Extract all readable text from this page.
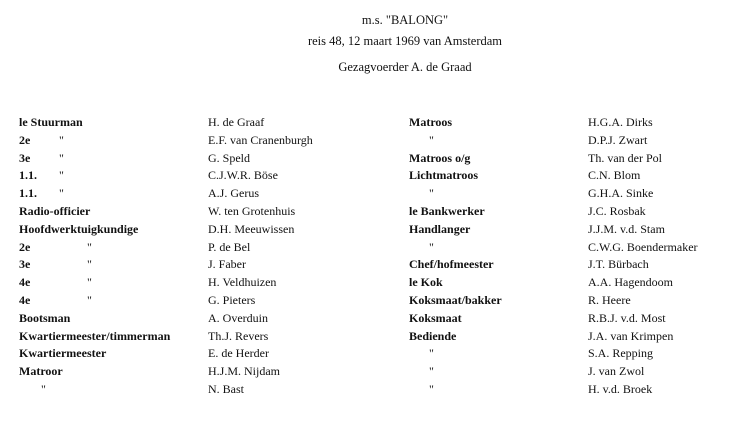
m.s. "BALONG"
reis 48, 12 maart 1969 van Amsterdam
Gezagvoerder A. de Graad
le Stuurman	H. de Graaf	Matroos	H.G.A. Dirks
2e "	E.F. van Cranenburgh	"	D.P.J. Zwart
3e "	G. Speld	Matroos o/g	Th. van der Pol
1.1. "	C.J.W.R. Böse	Lichtmatroos	C.N. Blom
1.1. "	A.J. Gerus	"	G.H.A. Sinke
Radio-officier	W. ten Grotenhuis	le Bankwerker	J.C. Rosbak
Hoofdwerktuigkundige	D.H. Meeuwissen	Handlanger	J.J.M. v.d. Stam
2e	"	P. de Bel	"	C.W.G. Boendermaker
3e	"	J. Faber	Chef/hofmeester	J.T. Bürbach
4e	"	H. Veldhuizen	le Kok	A.A. Hagendoom
4e	"	G. Pieters	Koksmaat/bakker	R. Heere
Bootsman	A. Overduin	Koksmaat	R.B.J. v.d. Most
Kwartiermeester/timmerman	Th.J. Revers	Bediende	J.A. van Krimpen
Kwartiermeester	E. de Herder	"	S.A. Repping
Matroor	H.J.M. Nijdam	"	J. van Zwol
"	N. Bast	"	H. v.d. Broek
